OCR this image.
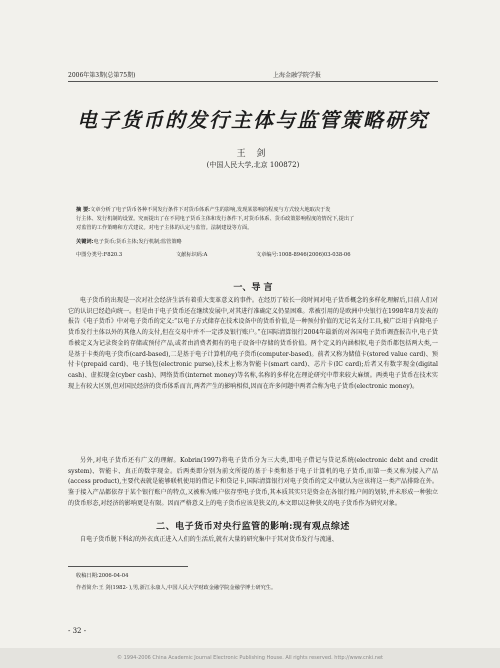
2006年第3期(总第75期)	上海金融学院学报
电子货币的发行主体与监管策略研究
王 剑
(中国人民大学,北京 100872)
摘 要:文章分析了电子货币各种不同发行条件下对货币体系产生的影响,发现某影响的程度与方式较大地取决于发
行主体、发行机制的设置。究而提出了在不同电子货币主体和发行条件下,对货币体系、货币政策影响程度的情况下,提出了
对监管的工作策略和方式建议。对电子主体的认定与监管。法制建设等方面。
关键词:电子货币;货币主体;发行机制;监管策略
中图分类号:F820.3	文献标识码:A	文章编号:1008-8946(2006)03-038-06
一、导 言

电子货币的出现是一次对社会经济生活有着重大变革意义的事件。在经历了较长一段时间对电子货币概念的多样化理解后,目前人们对它的认识已经趋向统一。但是由于电子货币还在继续发展中,对其进行准确定义仍显困难。常被引用的是欧洲中央银行在1998年8月发表的报告《电子货币》中对电子货币的定义:“以电子方式储存在技术设备中的货币价值,是一种预付价值的无记名支付工具,被广泛用于向除电子货币发行主体以外的其他人的支付,但在交易中并不一定涉及银行账户。”在国际清算银行2004年最新的对各国电子货币调查报告中,电子货币被定义为记录资金的存储或预付产品,或者由消费者拥有的电子设备中存储的货币价值。两个定义的内涵相似,电子货币都包括两大类,一是基于卡类的电子货币(card-based),二是基于电子计算机的电子货币(computer-based)。前者又称为储值卡(stored value card)、预付卡(prepaid card)、电子钱包(electronic purse),技术上称为智能卡(smart card)、芯片卡(IC card);后者又有数字现金(digital cash)、虚拟现金(cyber cash)、网络货币(internet money)等名称,名称的多样化在理论研究中带来较大麻烦。两类电子货币在技术实现上有较大区别,但对国民经济的货币体系而言,两者产生的影响相似,因而在许多问题中两者合称为电子货币(electronic money)。

另外,对电子货币还有广义的理解。Kobrin(1997)将电子货币分为三大类,即电子借记与贷记系统(electronic debt and credit system)、智能卡、真正的数字现金。后两类即分别为前文所提的基于卡类和基于电子计算机的电子货币,而第一类又称为接入产品(access product),主要代表就是能够联机使用的借记卡和贷记卡,国际清算银行对电子货币的定义中就认为应该将这一类产品排除在外。鉴于接入产品都依存于某个银行账户的特点,又被称为账户依存型电子货币,其本质其实只是资金在各银行账户间的划转,并未形成一种独立的货币形态,对经济的影响更是有限。因而严格意义上的电子货币应该是狭义的,本文即以这种狭义的电子货币作为研究对象。

二、电子货币对央行监管的影响:现有观点综述

自电子货币脱下科幻的外衣真正进入人们的生活后,就有大量的研究集中于其对货币发行与流通、

收稿日期:2006-04-04
作者简介:王 剑(1982- ),男,浙江永康人,中国人民大学财政金融学院金融学博士研究生。
- 32 -
© 1994-2006 China Academic Journal Electronic Publishing House. All rights reserved. http://www.cnki.net
